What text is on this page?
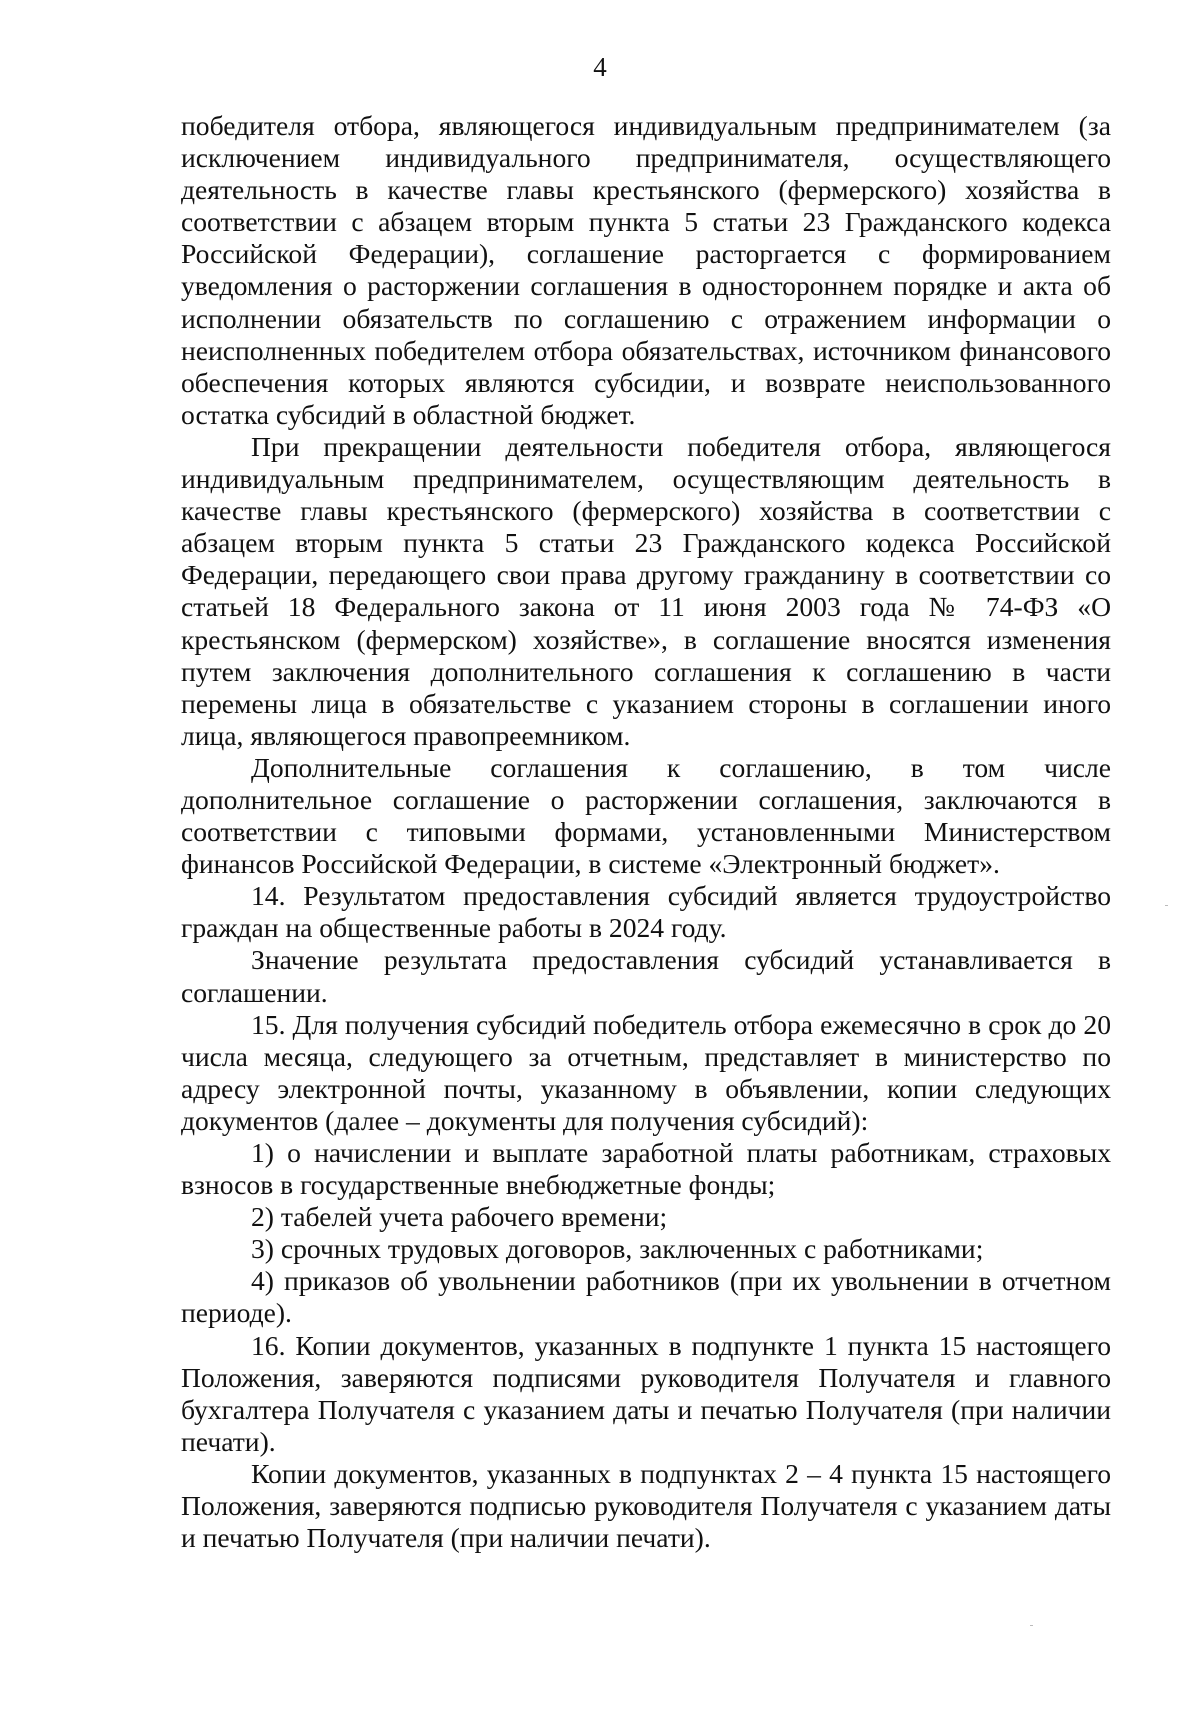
4

победителя отбора, являющегося индивидуальным предпринимателем (за исключением индивидуального предпринимателя, осуществляющего деятельность в качестве главы крестьянского (фермерского) хозяйства в соответствии с абзацем вторым пункта 5 статьи 23 Гражданского кодекса Российской Федерации), соглашение расторгается с формированием уведомления о расторжении соглашения в одностороннем порядке и акта об исполнении обязательств по соглашению с отражением информации о неисполненных победителем отбора обязательствах, источником финансового обеспечения которых являются субсидии, и возврате неиспользованного остатка субсидий в областной бюджет.

При прекращении деятельности победителя отбора, являющегося индивидуальным предпринимателем, осуществляющим деятельность в качестве главы крестьянского (фермерского) хозяйства в соответствии с абзацем вторым пункта 5 статьи 23 Гражданского кодекса Российской Федерации, передающего свои права другому гражданину в соответствии со статьей 18 Федерального закона от 11 июня 2003 года № 74-ФЗ «О крестьянском (фермерском) хозяйстве», в соглашение вносятся изменения путем заключения дополнительного соглашения к соглашению в части перемены лица в обязательстве с указанием стороны в соглашении иного лица, являющегося правопреемником.

Дополнительные соглашения к соглашению, в том числе дополнительное соглашение о расторжении соглашения, заключаются в соответствии с типовыми формами, установленными Министерством финансов Российской Федерации, в системе «Электронный бюджет».

14. Результатом предоставления субсидий является трудоустройство граждан на общественные работы в 2024 году.

Значение результата предоставления субсидий устанавливается в соглашении.

15. Для получения субсидий победитель отбора ежемесячно в срок до 20 числа месяца, следующего за отчетным, представляет в министерство по адресу электронной почты, указанному в объявлении, копии следующих документов (далее – документы для получения субсидий):

1) о начислении и выплате заработной платы работникам, страховых взносов в государственные внебюджетные фонды;

2) табелей учета рабочего времени;

3) срочных трудовых договоров, заключенных с работниками;

4) приказов об увольнении работников (при их увольнении в отчетном периоде).

16. Копии документов, указанных в подпункте 1 пункта 15 настоящего Положения, заверяются подписями руководителя Получателя и главного бухгалтера Получателя с указанием даты и печатью Получателя (при наличии печати).

Копии документов, указанных в подпунктах 2 – 4 пункта 15 настоящего Положения, заверяются подписью руководителя Получателя с указанием даты и печатью Получателя (при наличии печати).
